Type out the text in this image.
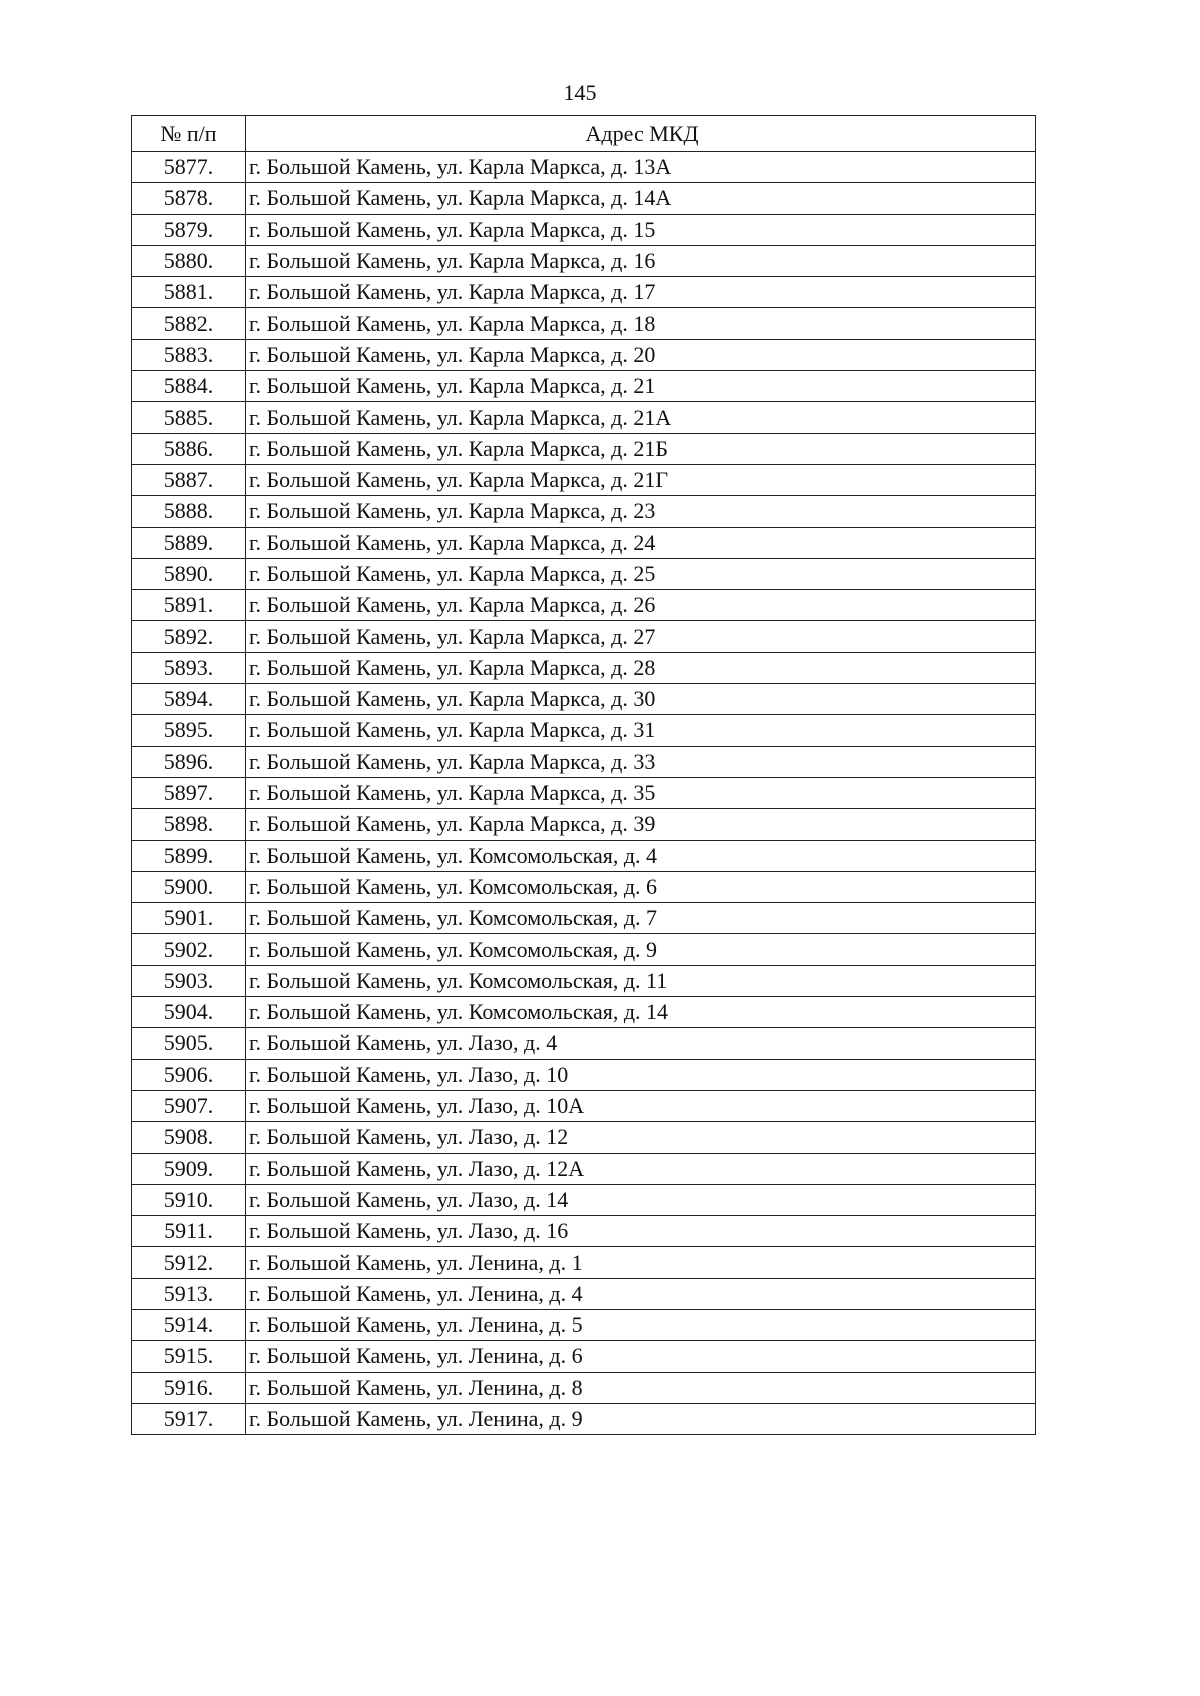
145
№ п/п	Адрес МКД
5877.	г. Большой Камень, ул. Карла Маркса, д. 13А
5878.	г. Большой Камень, ул. Карла Маркса, д. 14А
5879.	г. Большой Камень, ул. Карла Маркса, д. 15
5880.	г. Большой Камень, ул. Карла Маркса, д. 16
5881.	г. Большой Камень, ул. Карла Маркса, д. 17
5882.	г. Большой Камень, ул. Карла Маркса, д. 18
5883.	г. Большой Камень, ул. Карла Маркса, д. 20
5884.	г. Большой Камень, ул. Карла Маркса, д. 21
5885.	г. Большой Камень, ул. Карла Маркса, д. 21А
5886.	г. Большой Камень, ул. Карла Маркса, д. 21Б
5887.	г. Большой Камень, ул. Карла Маркса, д. 21Г
5888.	г. Большой Камень, ул. Карла Маркса, д. 23
5889.	г. Большой Камень, ул. Карла Маркса, д. 24
5890.	г. Большой Камень, ул. Карла Маркса, д. 25
5891.	г. Большой Камень, ул. Карла Маркса, д. 26
5892.	г. Большой Камень, ул. Карла Маркса, д. 27
5893.	г. Большой Камень, ул. Карла Маркса, д. 28
5894.	г. Большой Камень, ул. Карла Маркса, д. 30
5895.	г. Большой Камень, ул. Карла Маркса, д. 31
5896.	г. Большой Камень, ул. Карла Маркса, д. 33
5897.	г. Большой Камень, ул. Карла Маркса, д. 35
5898.	г. Большой Камень, ул. Карла Маркса, д. 39
5899.	г. Большой Камень, ул. Комсомольская, д. 4
5900.	г. Большой Камень, ул. Комсомольская, д. 6
5901.	г. Большой Камень, ул. Комсомольская, д. 7
5902.	г. Большой Камень, ул. Комсомольская, д. 9
5903.	г. Большой Камень, ул. Комсомольская, д. 11
5904.	г. Большой Камень, ул. Комсомольская, д. 14
5905.	г. Большой Камень, ул. Лазо, д. 4
5906.	г. Большой Камень, ул. Лазо, д. 10
5907.	г. Большой Камень, ул. Лазо, д. 10А
5908.	г. Большой Камень, ул. Лазо, д. 12
5909.	г. Большой Камень, ул. Лазо, д. 12А
5910.	г. Большой Камень, ул. Лазо, д. 14
5911.	г. Большой Камень, ул. Лазо, д. 16
5912.	г. Большой Камень, ул. Ленина, д. 1
5913.	г. Большой Камень, ул. Ленина, д. 4
5914.	г. Большой Камень, ул. Ленина, д. 5
5915.	г. Большой Камень, ул. Ленина, д. 6
5916.	г. Большой Камень, ул. Ленина, д. 8
5917.	г. Большой Камень, ул. Ленина, д. 9
